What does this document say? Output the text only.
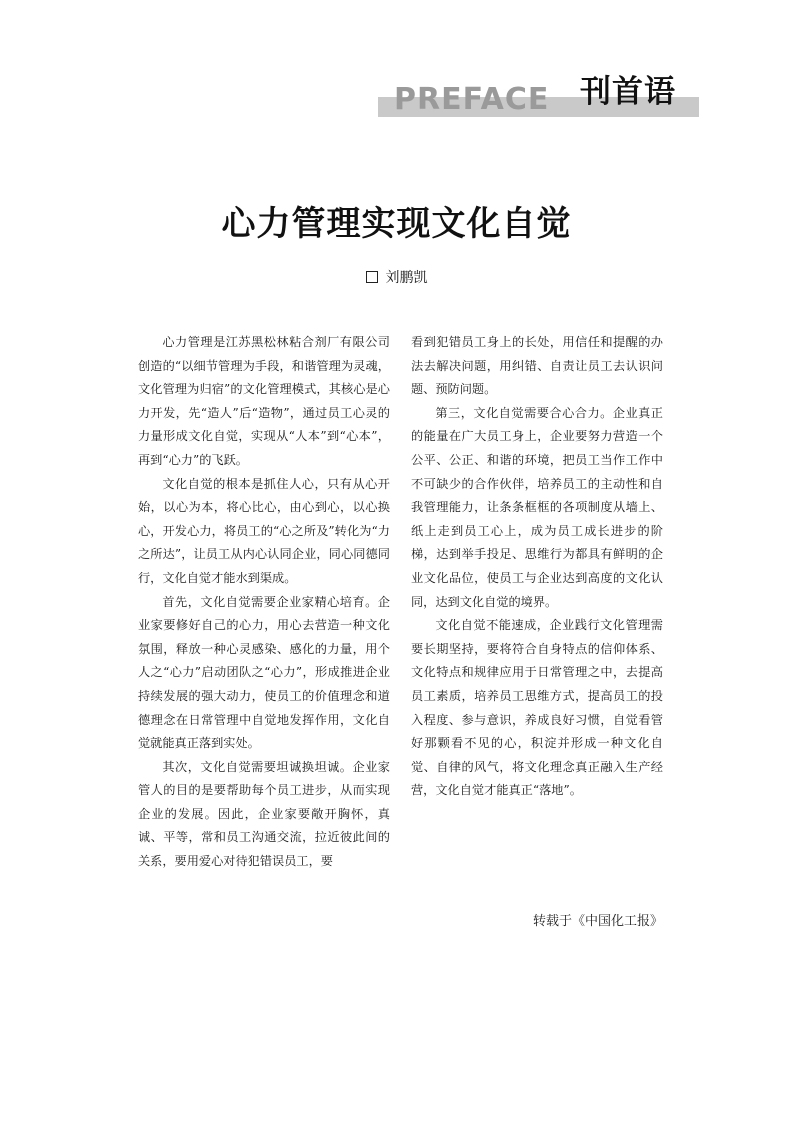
PREFACE 刊首语
心力管理实现文化自觉
刘鹏凯

心力管理是江苏黑松林粘合剂厂有限公司创造的“以细节管理为手段，和谐管理为灵魂，文化管理为归宿”的文化管理模式，其核心是心力开发，先“造人”后“造物”，通过员工心灵的力量形成文化自觉，实现从“人本”到“心本”，再到“心力”的飞跃。

文化自觉的根本是抓住人心，只有从心开始，以心为本，将心比心，由心到心，以心换心，开发心力，将员工的“心之所及”转化为“力之所达”，让员工从内心认同企业，同心同德同行，文化自觉才能水到渠成。

首先，文化自觉需要企业家精心培育。企业家要修好自己的心力，用心去营造一种文化氛围，释放一种心灵感染、感化的力量，用个人之“心力”启动团队之“心力”，形成推进企业持续发展的强大动力，使员工的价值理念和道德理念在日常管理中自觉地发挥作用，文化自觉就能真正落到实处。

其次，文化自觉需要坦诚换坦诚。企业家管人的目的是要帮助每个员工进步，从而实现企业的发展。因此，企业家要敞开胸怀，真诚、平等，常和员工沟通交流，拉近彼此间的关系，要用爱心对待犯错误员工，要

看到犯错员工身上的长处，用信任和提醒的办法去解决问题，用纠错、自责让员工去认识问题、预防问题。

第三，文化自觉需要合心合力。企业真正的能量在广大员工身上，企业要努力营造一个公平、公正、和谐的环境，把员工当作工作中不可缺少的合作伙伴，培养员工的主动性和自我管理能力，让条条框框的各项制度从墙上、纸上走到员工心上，成为员工成长进步的阶梯，达到举手投足、思维行为都具有鲜明的企业文化品位，使员工与企业达到高度的文化认同，达到文化自觉的境界。

文化自觉不能速成，企业践行文化管理需要长期坚持，要将符合自身特点的信仰体系、文化特点和规律应用于日常管理之中，去提高员工素质，培养员工思维方式，提高员工的投入程度、参与意识，养成良好习惯，自觉看管好那颗看不见的心，积淀并形成一种文化自觉、自律的风气，将文化理念真正融入生产经营，文化自觉才能真正“落地”。

转载于《中国化工报》
